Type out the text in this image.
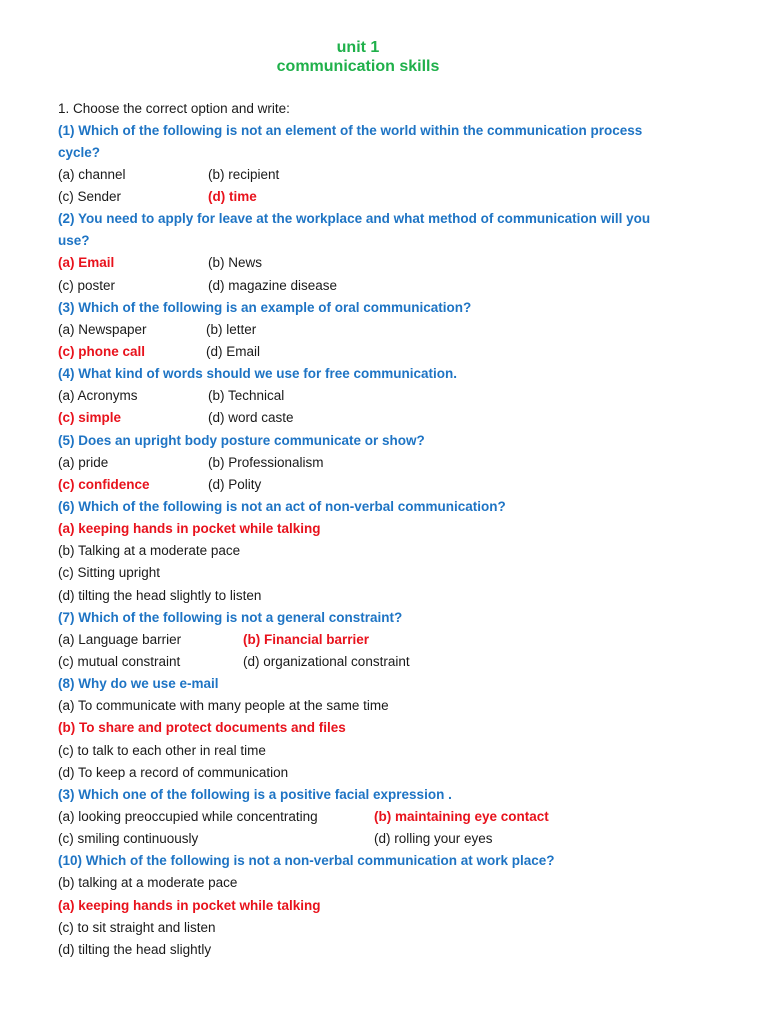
unit 1
communication skills
1. Choose the correct option and write:
(1) Which of the following is not an element of the world within the communication process cycle?
(a) channel	(b) recipient
(c) Sender	(d) time
(2) You need to apply for leave at the workplace and what method of communication will you use?
(a) Email	(b) News
(c) poster	(d) magazine disease
(3) Which of the following is an example of oral communication?
(a) Newspaper	(b) letter
(c) phone call	(d) Email
(4) What kind of words should we use for free communication.
(a) Acronyms	(b) Technical
(c) simple	(d) word caste
(5) Does an upright body posture communicate or show?
(a) pride	(b) Professionalism
(c) confidence	(d) Polity
(6) Which of the following is not an act of non-verbal communication?
(a) keeping hands in pocket while talking
(b) Talking at a moderate pace
(c) Sitting upright
(d) tilting the head slightly to listen
(7) Which of the following is not a general constraint?
(a) Language barrier	(b) Financial barrier
(c) mutual constraint	(d) organizational constraint
(8) Why do we use e-mail
(a) To communicate with many people at the same time
(b) To share and protect documents and files
(c) to talk to each other in real time
(d) To keep a record of communication
(3) Which one of the following is a positive facial expression .
(a) looking preoccupied while concentrating	(b) maintaining eye contact
(c) smiling continuously	(d) rolling your eyes
(10) Which of the following is not a non-verbal communication at work place?
(b) talking at a moderate pace
(a) keeping hands in pocket while talking
(c) to sit straight and listen
(d) tilting the head slightly
